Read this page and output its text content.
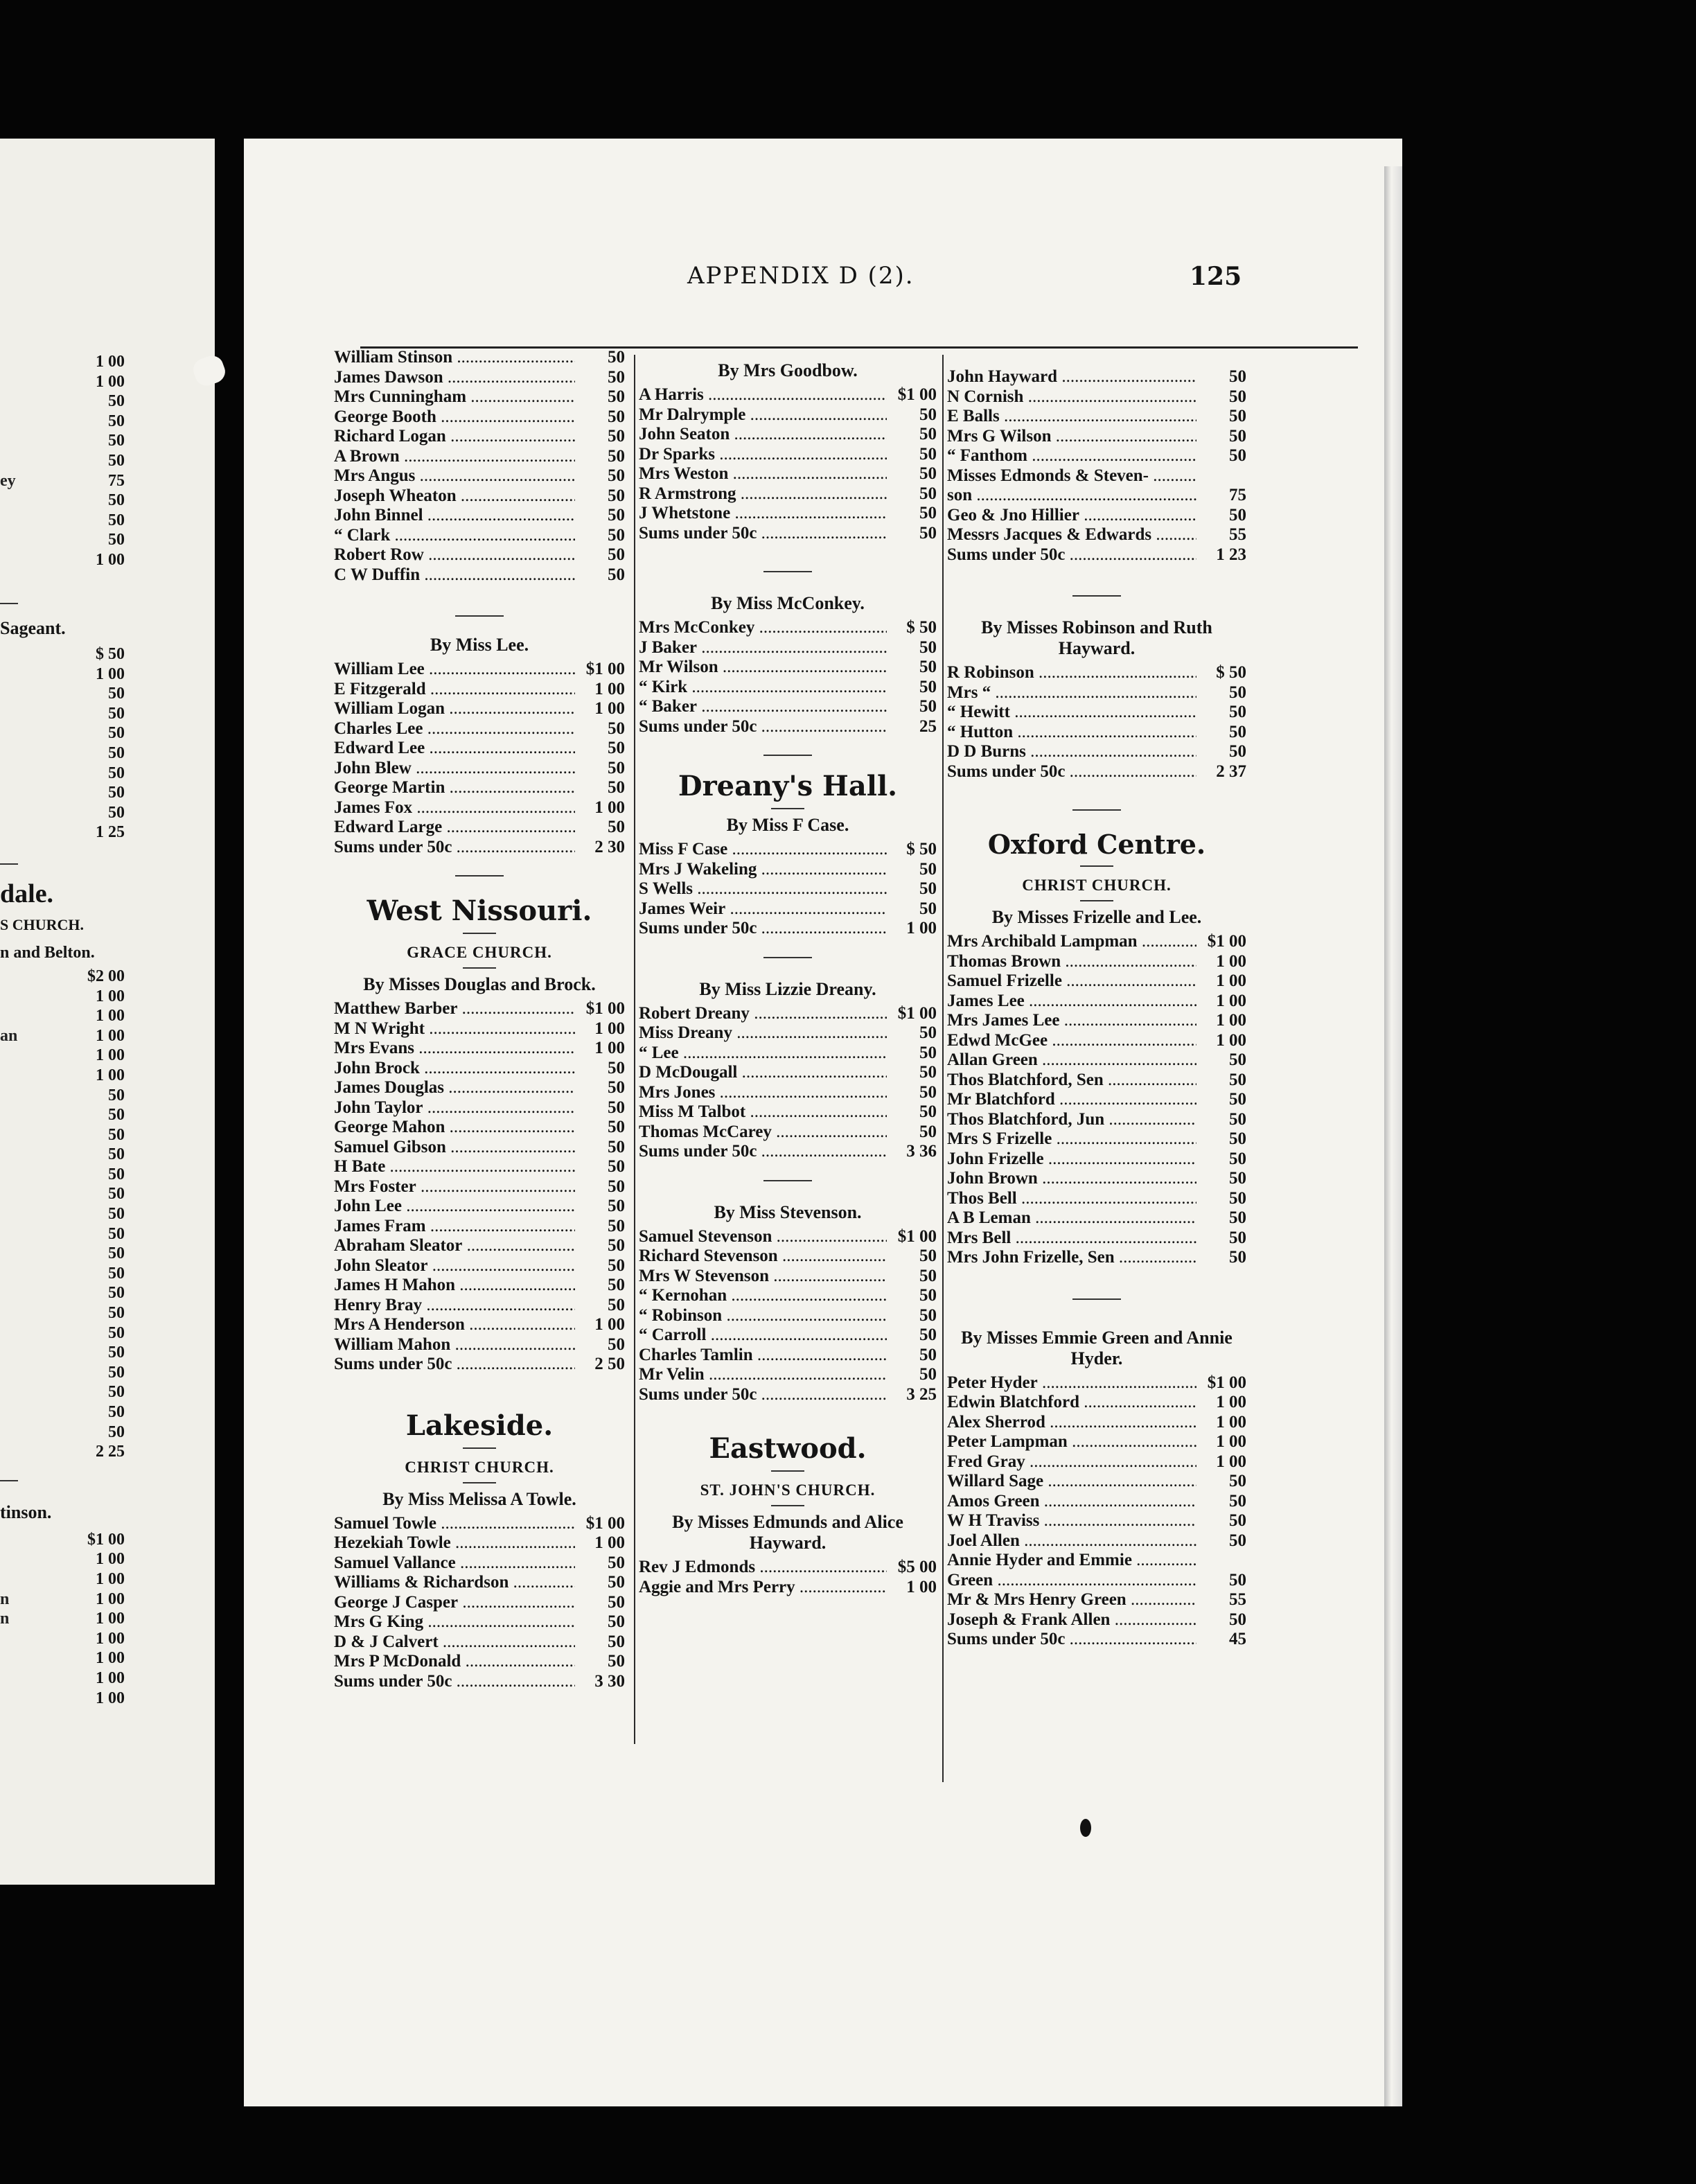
1 00
1 00
50
50
50
50
ey	75
50
50
50
1 00
Sageant.
$ 50
1 00
50
50
50
50
50
50
50
1 25
dale.
S CHURCH.
n and Belton.
$2 00
1 00
1 00
an	1 00
1 00
1 00
50
50
50
50
50
50
50
50
50
50
50
50
50
50
50
50
50
50
2 25
tinson.
$1 00
1 00
1 00
n	1 00
n	1 00
1 00
1 00
1 00
1 00
APPENDIX D (2).	125
William Stinson .....	50
James Dawson .....	50
Mrs Cunningham .....	50
George Booth .....	50
Richard Logan .....	50
A Brown .....	50
Mrs Angus .....	50
Joseph Wheaton .....	50
John Binnel .....	50
“ Clark .....	50
Robert Row .....	50
C W Duffin .....	50
By Miss Lee.
William Lee .....	$1 00
E Fitzgerald .....	1 00
William Logan .....	1 00
Charles Lee .....	50
Edward Lee .....	50
John Blew .....	50
George Martin .....	50
James Fox .....	1 00
Edward Large .....	50
Sums under 50c .....	2 30
West Nissouri.
GRACE CHURCH.
By Misses Douglas and Brock.
Matthew Barber .....	$1 00
M N Wright .....	1 00
Mrs Evans .....	1 00
John Brock .....	50
James Douglas .....	50
John Taylor .....	50
George Mahon .....	50
Samuel Gibson .....	50
H Bate .....	50
Mrs Foster .....	50
John Lee .....	50
James Fram .....	50
Abraham Sleator .....	50
John Sleator .....	50
James H Mahon .....	50
Henry Bray .....	50
Mrs A Henderson .....	1 00
William Mahon .....	50
Sums under 50c .....	2 50
Lakeside.
CHRIST CHURCH.
By Miss Melissa A Towle.
Samuel Towle .....	$1 00
Hezekiah Towle .....	1 00
Samuel Vallance .....	50
Williams & Richardson .....	50
George J Casper .....	50
Mrs G King .....	50
D & J Calvert .....	50
Mrs P McDonald .....	50
Sums under 50c .....	3 30
By Mrs Goodbow.
A Harris .....	$1 00
Mr Dalrymple .....	50
John Seaton .....	50
Dr Sparks .....	50
Mrs Weston .....	50
R Armstrong .....	50
J Whetstone .....	50
Sums under 50c .....	50
By Miss McConkey.
Mrs McConkey .....	$ 50
J Baker .....	50
Mr Wilson .....	50
“ Kirk .....	50
“ Baker .....	50
Sums under 50c .....	25
Dreany's Hall.
By Miss F Case.
Miss F Case .....	$ 50
Mrs J Wakeling .....	50
S Wells .....	50
James Weir .....	50
Sums under 50c .....	1 00
By Miss Lizzie Dreany.
Robert Dreany .....	$1 00
Miss Dreany .....	50
“ Lee .....	50
D McDougall .....	50
Mrs Jones .....	50
Miss M Talbot .....	50
Thomas McCarey .....	50
Sums under 50c .....	3 36
By Miss Stevenson.
Samuel Stevenson .....	$1 00
Richard Stevenson .....	50
Mrs W Stevenson .....	50
“ Kernohan .....	50
“ Robinson .....	50
“ Carroll .....	50
Charles Tamlin .....	50
Mr Velin .....	50
Sums under 50c .....	3 25
Eastwood.
ST. JOHN'S CHURCH.
By Misses Edmunds and Alice Hayward.
Rev J Edmonds .....	$5 00
Aggie and Mrs Perry .....	1 00
John Hayward .....	50
N Cornish .....	50
E Balls .....	50
Mrs G Wilson .....	50
“ Fanthom .....	50
Misses Edmonds & Steven- .....
son .....	75
Geo & Jno Hillier .....	50
Messrs Jacques & Edwards .....	55
Sums under 50c .....	1 23
By Misses Robinson and Ruth Hayward.
R Robinson .....	$ 50
Mrs “ .....	50
“ Hewitt .....	50
“ Hutton .....	50
D D Burns .....	50
Sums under 50c .....	2 37
Oxford Centre.
CHRIST CHURCH.
By Misses Frizelle and Lee.
Mrs Archibald Lampman .....	$1 00
Thomas Brown .....	1 00
Samuel Frizelle .....	1 00
James Lee .....	1 00
Mrs James Lee .....	1 00
Edwd McGee .....	1 00
Allan Green .....	50
Thos Blatchford, Sen .....	50
Mr Blatchford .....	50
Thos Blatchford, Jun .....	50
Mrs S Frizelle .....	50
John Frizelle .....	50
John Brown .....	50
Thos Bell .....	50
A B Leman .....	50
Mrs Bell .....	50
Mrs John Frizelle, Sen .....	50
By Misses Emmie Green and Annie Hyder.
Peter Hyder .....	$1 00
Edwin Blatchford .....	1 00
Alex Sherrod .....	1 00
Peter Lampman .....	1 00
Fred Gray .....	1 00
Willard Sage .....	50
Amos Green .....	50
W H Traviss .....	50
Joel Allen .....	50
Annie Hyder and Emmie .....
Green .....	50
Mr & Mrs Henry Green .....	55
Joseph & Frank Allen .....	50
Sums under 50c .....	45
